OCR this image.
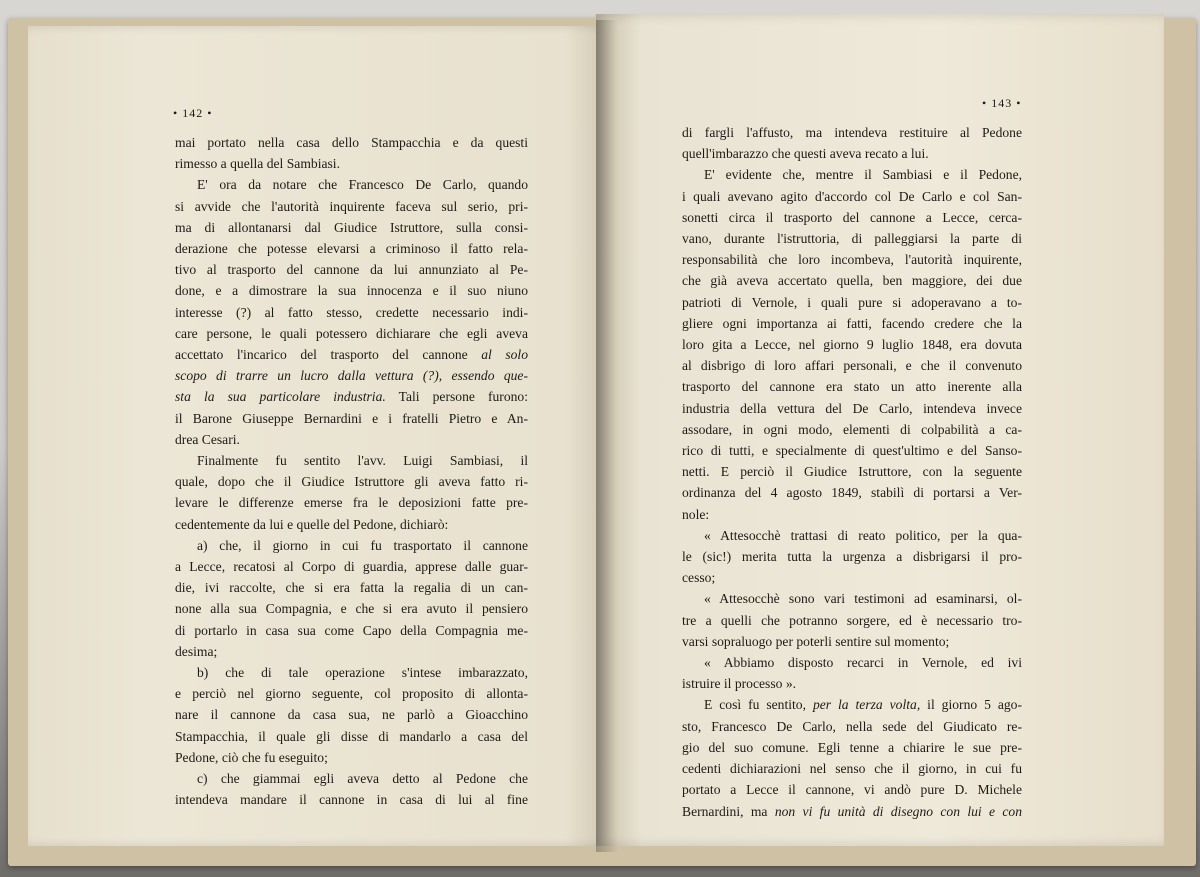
• 142 •
mai portato nella casa dello Stampacchia e da questi
rimesso a quella del Sambiasi.
E' ora da notare che Francesco De Carlo, quando
si avvide che l'autorità inquirente faceva sul serio, pri-
ma di allontanarsi dal Giudice Istruttore, sulla consi-
derazione che potesse elevarsi a criminoso il fatto rela-
tivo al trasporto del cannone da lui annunziato al Pe-
done, e a dimostrare la sua innocenza e il suo niuno
interesse (?) al fatto stesso, credette necessario indi-
care persone, le quali potessero dichiarare che egli aveva
accettato l'incarico del trasporto del cannone al solo
scopo di trarre un lucro dalla vettura (?), essendo que-
sta la sua particolare industria. Tali persone furono:
il Barone Giuseppe Bernardini e i fratelli Pietro e An-
drea Cesari.
Finalmente fu sentito l'avv. Luigi Sambiasi, il
quale, dopo che il Giudice Istruttore gli aveva fatto ri-
levare le differenze emerse fra le deposizioni fatte pre-
cedentemente da lui e quelle del Pedone, dichiarò:
a) che, il giorno in cui fu trasportato il cannone
a Lecce, recatosi al Corpo di guardia, apprese dalle guar-
die, ivi raccolte, che si era fatta la regalia di un can-
none alla sua Compagnia, e che si era avuto il pensiero
di portarlo in casa sua come Capo della Compagnia me-
desima;
b) che di tale operazione s'intese imbarazzato,
e perciò nel giorno seguente, col proposito di allonta-
nare il cannone da casa sua, ne parlò a Gioacchino
Stampacchia, il quale gli disse di mandarlo a casa del
Pedone, ciò che fu eseguito;
c) che giammai egli aveva detto al Pedone che
intendeva mandare il cannone in casa di lui al fine
• 143 •
di fargli l'affusto, ma intendeva restituire al Pedone
quell'imbarazzo che questi aveva recato a lui.
E' evidente che, mentre il Sambiasi e il Pedone,
i quali avevano agito d'accordo col De Carlo e col San-
sonetti circa il trasporto del cannone a Lecce, cerca-
vano, durante l'istruttoria, di palleggiarsi la parte di
responsabilità che loro incombeva, l'autorità inquirente,
che già aveva accertato quella, ben maggiore, dei due
patrioti di Vernole, i quali pure si adoperavano a to-
gliere ogni importanza ai fatti, facendo credere che la
loro gita a Lecce, nel giorno 9 luglio 1848, era dovuta
al disbrigo di loro affari personali, e che il convenuto
trasporto del cannone era stato un atto inerente alla
industria della vettura del De Carlo, intendeva invece
assodare, in ogni modo, elementi di colpabilità a ca-
rico di tutti, e specialmente di quest'ultimo e del Sanso-
netti. E perciò il Giudice Istruttore, con la seguente
ordinanza del 4 agosto 1849, stabilì di portarsi a Ver-
nole:
« Attesocchè trattasi di reato politico, per la qua-
le (sic!) merita tutta la urgenza a disbrigarsi il pro-
cesso;
« Attesocchè sono vari testimoni ad esaminarsi, ol-
tre a quelli che potranno sorgere, ed è necessario tro-
varsi sopraluogo per poterli sentire sul momento;
« Abbiamo disposto recarci in Vernole, ed ivi
istruire il processo ».
E così fu sentito, per la terza volta, il giorno 5 ago-
sto, Francesco De Carlo, nella sede del Giudicato re-
gio del suo comune. Egli tenne a chiarire le sue pre-
cedenti dichiarazioni nel senso che il giorno, in cui fu
portato a Lecce il cannone, vi andò pure D. Michele
Bernardini, ma non vi fu unità di disegno con lui e con
